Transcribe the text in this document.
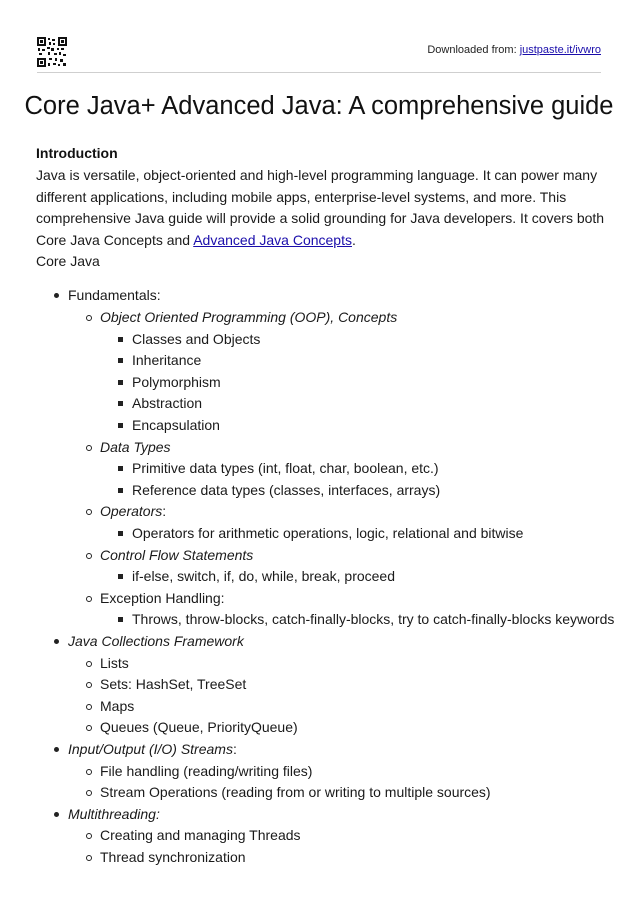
Downloaded from: justpaste.it/ivwro
Core Java+ Advanced Java: A comprehensive guide
Introduction

Java is versatile, object-oriented and high-level programming language. It can power many different applications, including mobile apps, enterprise-level systems, and more. This comprehensive Java guide will provide a solid grounding for Java developers. It covers both Core Java Concepts and Advanced Java Concepts.

Core Java
Fundamentals:
Object Oriented Programming (OOP), Concepts
Classes and Objects
Inheritance
Polymorphism
Abstraction
Encapsulation
Data Types
Primitive data types (int, float, char, boolean, etc.)
Reference data types (classes, interfaces, arrays)
Operators:
Operators for arithmetic operations, logic, relational and bitwise
Control Flow Statements
if-else, switch, if, do, while, break, proceed
Exception Handling:
Throws, throw-blocks, catch-finally-blocks, try to catch-finally-blocks keywords
Java Collections Framework
Lists
Sets: HashSet, TreeSet
Maps
Queues (Queue, PriorityQueue)
Input/Output (I/O) Streams:
File handling (reading/writing files)
Stream Operations (reading from or writing to multiple sources)
Multithreading:
Creating and managing Threads
Thread synchronization
